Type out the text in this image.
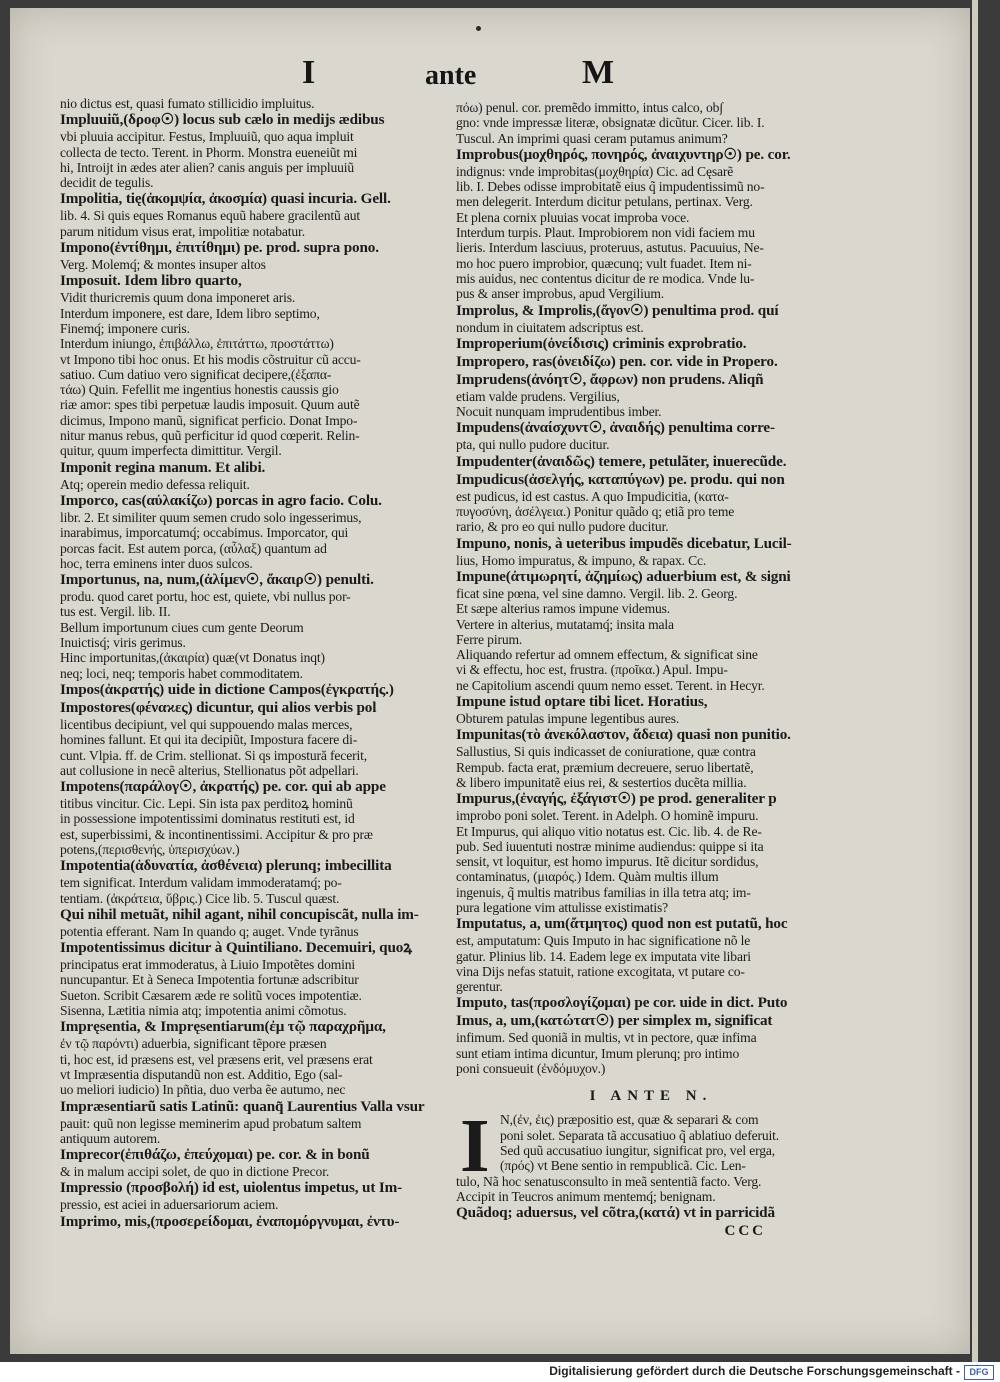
I	ante	M
nio dictus est, quasi fumato stillicidio impluitus.
Impluuiũ,(δροφ☉) locus sub cælo in medijs ædibus
vbi pluuia accipitur. Festus, Impluuiũ, quo aqua impluit
collecta de tecto. Terent. in Phorm. Monstra eueneiũt mi
hi, Introijt in ædes ater alien? canis anguis per impluuiũ
decidit de tegulis.
Impolitia, tię(ἀκομψία, ἀκοσμία) quasi incuria. Gell.
lib. 4. Si quis eques Romanus equũ habere gracilentũ aut
parum nitidum visus erat, impolitiæ notabatur.
Impono(ἐντίθημι, ἐπιτίθημι) pe. prod. supra pono.
Verg. Molemq́; & montes insuper altos
Imposuit. Idem libro quarto,
Vidit thuricremis quum dona imponeret aris.
Interdum imponere, est dare, Idem libro septimo,
Finemq́; imponere curis.
Interdum iniungo, ἐπιβάλλω, ἐπιτάττω, προστάττω)
vt Impono tibi hoc onus. Et his modis cõstruitur cũ accu-
satiuo. Cum datiuo vero significat decipere,(ἐξαπα-
τάω) Quin. Fefellit me ingentius honestis caussis gio
riæ amor: spes tibi perpetuæ laudis imposuit. Quum autẽ
dicimus, Impono manũ, significat perficio. Donat Impo-
nitur manus rebus, quũ perficitur id quod cœperit. Relin-
quitur, quum imperfecta dimittitur. Vergil.
Imponit regina manum. Et alibi.
Atq; operein medio defessa reliquit.
Imporco, cas(αὐλακίζω) porcas in agro facio. Colu.
libr. 2. Et similiter quum semen crudo solo ingesserimus,
inarabimus, imporcatumq́; occabimus. Imporcator, qui
porcas facit. Est autem porca, (αὖλαξ) quantum ad
hoc, terra eminens inter duos sulcos.
Importunus, na, num,(ἀλίμεν☉, ἄκαιρ☉) penulti.
produ. quod caret portu, hoc est, quiete, vbi nullus por-
tus est. Vergil. lib. II.
Bellum importunum ciues cum gente Deorum
Inuictisq́; viris gerimus.
Hinc importunitas,(ἀκαιρία) quæ(vt Donatus inqt)
neq; loci, neq; temporis habet commoditatem.
Impos(ἀκρατής) uide in dictione Campos(ἐγκρατής.)
Impostores(φέναϰες) dicuntur, qui alios verbis pol
licentibus decipiunt, vel qui suppouendo malas merces,
homines fallunt. Et qui ita decipiũt, Impostura facere di-
cunt. Vlpia. ff. de Crim. stellionat. Si qs impostură fecerit,
aut collusione in necẽ alterius, Stellionatus põt adpellari.
Impotens(παράλογ☉, ἀκρατής) pe. cor. qui ab appe
titibus vincitur. Cic. Lepi. Sin ista pax perditoꝝ hominũ
in possessione impotentissimi dominatus restituti est, id
est, superbissimi, & incontinentissimi. Accipitur & pro præ
potens,(περισθενής, ὑπερισχύων.)
Impotentia(ἀδυνατία, ἀσθένεια) plerunq; imbecillita
tem significat. Interdum validam immoderatamq́; po-
tentiam. (ἀκράτεια, ὕβρις.) Cice lib. 5. Tuscul quæst.
Qui nihil metuãt, nihil agant, nihil concupiscãt, nulla im-
potentia efferant. Nam In quando q; auget. Vnde tyrãnus
Impotentissimus dicitur à Quintiliano. Decemuiri, quoꝝ
principatus erat immoderatus, à Liuio Impotẽtes domini
nuncupantur. Et à Seneca Impotentia fortunæ adscribitur
Sueton. Scribit Cæsarem æde re solitũ voces impotentiæ.
Sisenna, Lætitia nimia atq; impotentia animi cõmotus.
Impręsentia, & Impręsentiarum(ἐμ τῷ παραχρῆμα,
ἐν τῷ παρόντι) aduerbia, significant tẽpore præsen
ti, hoc est, id præsens est, vel præsens erit, vel præsens erat
vt Impræsentia disputandũ non est. Additio, Ego (sal-
uo meliori iudicio) In pñtia, duo verba ẽe autumo, nec
Impræsentiarũ satis Latinũ: quanq̃ Laurentius Valla vsur
pauit: quũ non legisse meminerim apud probatum saltem
antiquum autorem.
Imprecor(ἐπιθάζω, ἐπεύχομαι) pe. cor. & in bonũ
& in malum accipi solet, de quo in dictione Precor.
Impressio (προσβολή) id est, uiolentus impetus, ut Im-
pressio, est aciei in aduersariorum aciem.
Imprimo, mis,(προσερείδομαι, ἐναπομόργνυμαι, ἐντυ-
πόω) penul. cor. premẽdo immitto, intus calco, ob∫
gno: vnde impressæ literæ, obsignatæ dicũtur. Cicer. lib. I.
Tuscul. An imprimi quasi ceram putamus animum?
Improbus(μοχθηρός, πονηρός, ἀναιχυντηρ☉) pe. cor.
indignus: vnde improbitas(μοχθηρία) Cic. ad Cęsarẽ
lib. I. Debes odisse improbitatẽ eius q̃ impudentissimũ no-
men delegerit. Interdum dicitur petulans, pertinax. Verg.
Et plena cornix pluuias vocat improba voce.
Interdum turpis. Plaut. Improbiorem non vidi faciem mu
lieris. Interdum lasciuus, proteruus, astutus. Pacuuius, Ne-
mo hoc puero improbior, quæcunq; vult fuadet. Item ni-
mis auidus, nec contentus dicitur de re modica. Vnde lu-
pus & anser improbus, apud Vergilium.
Improlus, & Improlis,(ἄγον☉) penultima prod. quí
nondum in ciuitatem adscriptus est.
Improperium(ὀνείδισις) criminis exprobratio.
Impropero, ras(ὀνειδίζω) pen. cor. vide in Propero.
Imprudens(ἀνόητ☉, ἄφρων) non prudens. Aliqñ
etiam valde prudens. Vergilius,
Nocuit nunquam imprudentibus imber.
Impudens(ἀναίσχυντ☉, ἀναιδής) penultima corre-
pta, qui nullo pudore ducitur.
Impudenter(ἀναιδῶς) temere, petulãter, inuerecũde.
Impudicus(ἀσελγής, καταπύγων) pe. produ. qui non
est pudicus, id est castus. A quo Impudicitia, (κατα-
πυγοσύνη, ἀσέλγεια.) Ponitur quãdo q; etiã pro teme
rario, & pro eo qui nullo pudore ducitur.
Impuno, nonis, à ueteribus impudẽs dicebatur, Lucil-
lius, Homo impuratus, & impuno, & rapax. Cc.
Impune(ἀτιμωρητί, ἀζημίως) aduerbium est, & signi
ficat sine pœna, vel sine damno. Vergil. lib. 2. Georg.
Et sæpe alterius ramos impune videmus.
Vertere in alterius, mutatamq́; insita mala
Ferre pirum.
Aliquando refertur ad omnem effectum, & significat sine
vi & effectu, hoc est, frustra. (προῖκα.) Apul. Impu-
ne Capitolium ascendi quum nemo esset. Terent. in Hecyr.
Impune istud optare tibi licet. Horatius,
Obturem patulas impune legentibus aures.
Impunitas(τὸ ἀνεκόλαστον, ἄδεια) quasi non punitio.
Sallustius, Si quis indicasset de coniuratione, quæ contra
Rempub. facta erat, præmium decreuere, seruo libertatẽ,
& libero impunitatẽ eius rei, & sestertios ducẽta millia.
Impurus,(ἐναγής, ἐξάγιστ☉) pe prod. generaliter p
improbo poni solet. Terent. in Adelph. O hominẽ impuru.
Et Impurus, qui aliquo vitio notatus est. Cic. lib. 4. de Re-
pub. Sed iuuentuti nostræ minime audiendus: quippe si ita
sensit, vt loquitur, est homo impurus. Itẽ dicitur sordidus,
contaminatus, (μιαρός.) Idem. Quàm multis illum
ingenuis, q̃ multis matribus familias in illa tetra atq; im-
pura legatione vim attulisse existimatis?
Imputatus, a, um(ἄτμητος) quod non est putatũ, hoc
est, amputatum: Quis Imputo in hac significatione nõ le
gatur. Plinius lib. 14. Eadem lege ex imputata vite libari
vina Dijs nefas statuit, ratione excogitata, vt putare co-
gerentur.
Imputo, tas(προσλογίζομαι) pe cor. uide in dict. Puto
Imus, a, um,(κατώτατ☉) per simplex m, significat
infimum. Sed quoniã in multis, vt in pectore, quæ infima
sunt etiam intima dicuntur, Imum plerunq; pro intimo
poni consueuit (ἐνδόμυχον.)
I ANTE N.
I N,(ἐν, ἐις) præpositio est, quæ & separari & com
poni solet. Separata tã accusatiuo q̃ ablatiuo deferuit.
Sed quũ accusatiuo iungitur, significat pro, vel erga,
(πρός) vt Bene sentio in rempublicã. Cic. Len-
tulo, Nã hoc senatusconsulto in meã sententiã facto. Verg.
Accipit in Teucros animum mentemq́; benignam.
Quãdoq; aduersus, vel cõtra,(κατά) vt in parricidã
CCC
Digitalisierung gefördert durch die Deutsche Forschungsgemeinschaft -	DFG
